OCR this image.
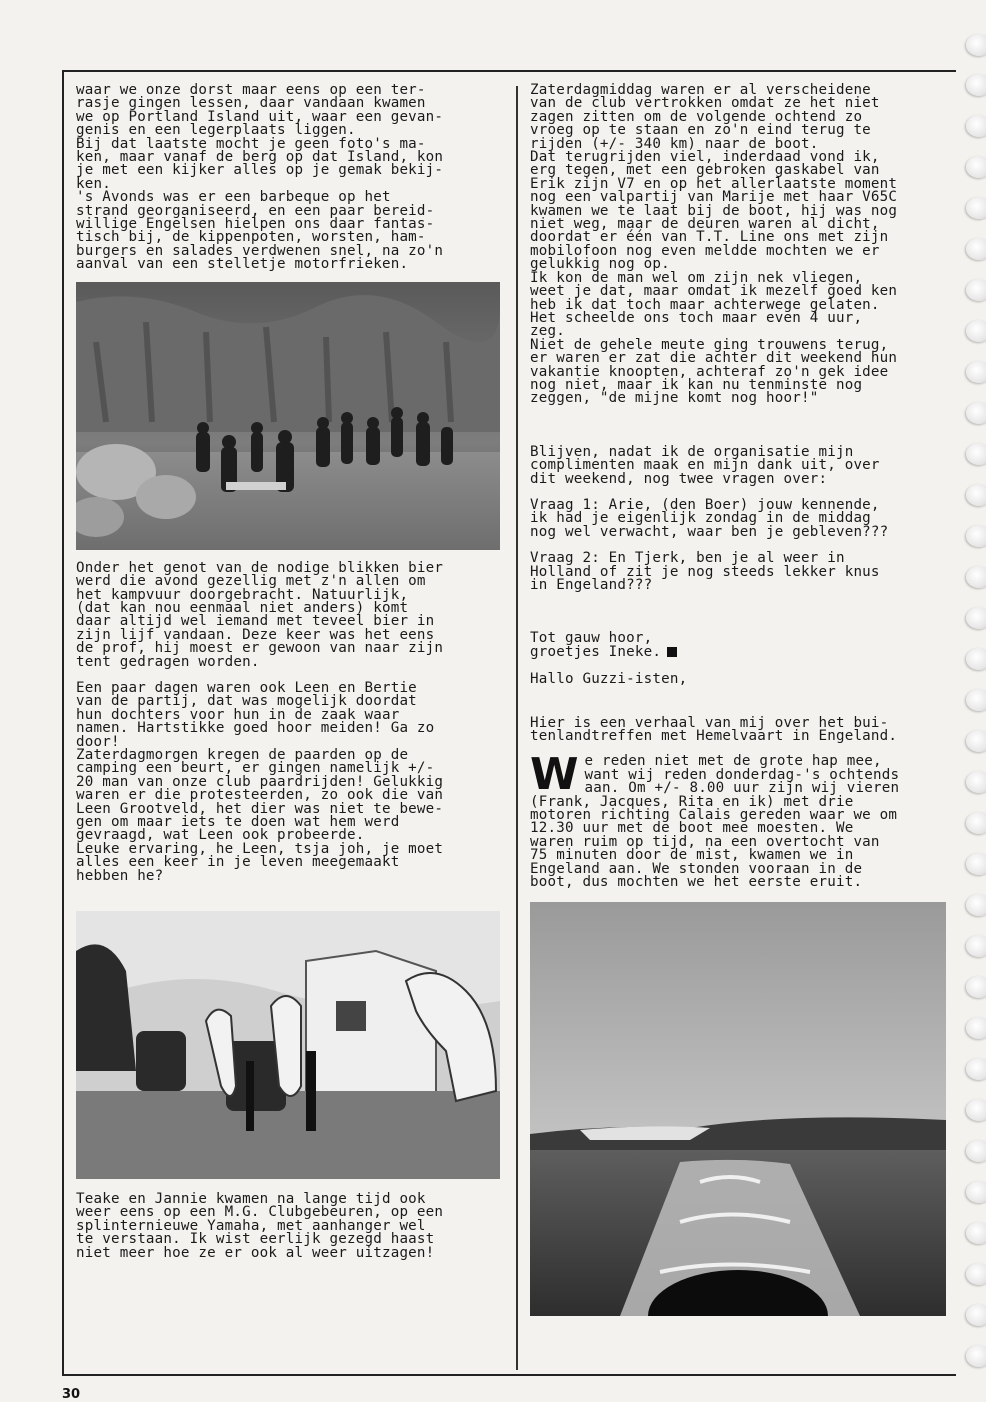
waar we onze dorst maar eens op een ter-
rasje gingen lessen, daar vandaan kwamen
we op Portland Island uit, waar een gevan-
genis en een legerplaats liggen.
Bij dat laatste mocht je geen foto's ma-
ken, maar vanaf de berg op dat Island, kon
je met een kijker alles op je gemak bekij-
ken.
's Avonds was er een barbeque op het
strand georganiseerd, en een paar bereid-
willige Engelsen hielpen ons daar fantas-
tisch bij, de kippenpoten, worsten, ham-
burgers en salades verdwenen snel, na zo'n
aanval van een stelletje motorfrieken.

Onder het genot van de nodige blikken bier
werd die avond gezellig met z'n allen om
het kampvuur doorgebracht. Natuurlijk,
(dat kan nou eenmaal niet anders) komt
daar altijd wel iemand met teveel bier in
zijn lijf vandaan. Deze keer was het eens
de prof, hij moest er gewoon van naar zijn
tent gedragen worden.

Een paar dagen waren ook Leen en Bertie
van de partij, dat was mogelijk doordat
hun dochters voor hun in de zaak waar
namen. Hartstikke goed hoor meiden! Ga zo
door!
Zaterdagmorgen kregen de paarden op de
camping een beurt, er gingen namelijk +/-
20 man van onze club paardrijden! Gelukkig
waren er die protesteerden, zo ook die van
Leen Grootveld, het dier was niet te bewe-
gen om maar iets te doen wat hem werd
gevraagd, wat Leen ook probeerde.
Leuke ervaring, he Leen, tsja joh, je moet
alles een keer in je leven meegemaakt
hebben he?

Teake en Jannie kwamen na lange tijd ook
weer eens op een M.G. Clubgebeuren, op een
splinternieuwe Yamaha, met aanhanger wel
te verstaan. Ik wist eerlijk gezegd haast
niet meer hoe ze er ook al weer uitzagen!

Zaterdagmiddag waren er al verscheidene
van de club vertrokken omdat ze het niet
zagen zitten om de volgende ochtend zo
vroeg op te staan en zo'n eind terug te
rijden (+/- 340 km) naar de boot.
Dat terugrijden viel, inderdaad vond ik,
erg tegen, met een gebroken gaskabel van
Erik zijn V7 en op het allerlaatste moment
nog een valpartij van Marije met haar V65C
kwamen we te laat bij de boot, hij was nog
niet weg, maar de deuren waren al dicht,
doordat er één van T.T. Line ons met zijn
mobilofoon nog even meldde mochten we er
gelukkig nog op.
Ik kon de man wel om zijn nek vliegen,
weet je dat, maar omdat ik mezelf goed ken
heb ik dat toch maar achterwege gelaten.
Het scheelde ons toch maar even 4 uur,
zeg.
Niet de gehele meute ging trouwens terug,
er waren er zat die achter dit weekend hun
vakantie knoopten, achteraf zo'n gek idee
nog niet, maar ik kan nu tenminste nog
zeggen, "de mijne komt nog hoor!"

Blijven, nadat ik de organisatie mijn
complimenten maak en mijn dank uit, over
dit weekend, nog twee vragen over:

Vraag 1: Arie, (den Boer) jouw kennende,
ik had je eigenlijk zondag in de middag
nog wel verwacht, waar ben je gebleven???

Vraag 2: En Tjerk, ben je al weer in
Holland of zit je nog steeds lekker knus
in Engeland???

Tot gauw hoor,

groetjes Ineke.

Hallo Guzzi-isten,

Hier is een verhaal van mij over het bui-
tenlandtreffen met Hemelvaart in Engeland.

W e reden niet met de grote hap mee,
want wij reden donderdag-'s ochtends
aan. Om +/- 8.00 uur zijn wij vieren
(Frank, Jacques, Rita en ik) met drie
motoren richting Calais gereden waar we om
12.30 uur met de boot mee moesten. We
waren ruim op tijd, na een overtocht van
75 minuten door de mist, kwamen we in
Engeland aan. We stonden vooraan in de
boot, dus mochten we het eerste eruit.

30
